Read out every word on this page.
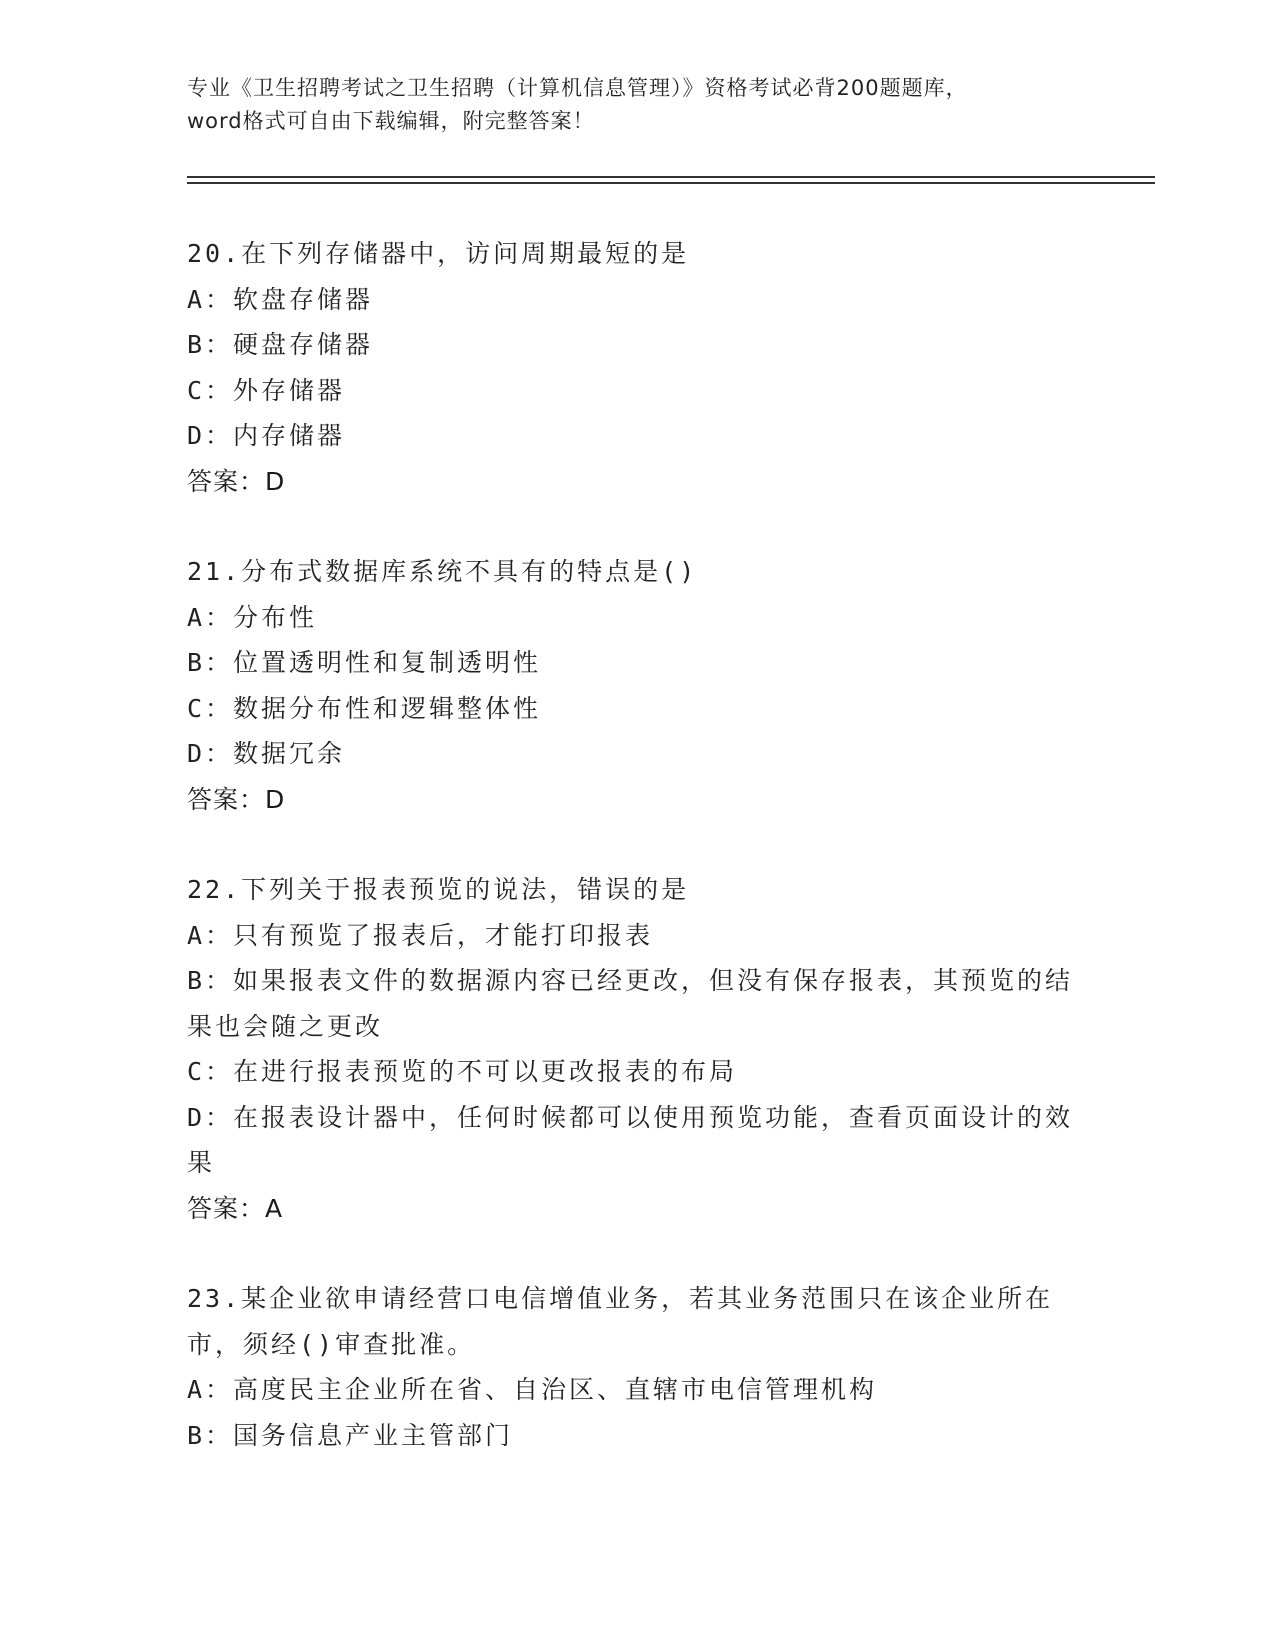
专业《卫生招聘考试之卫生招聘（计算机信息管理）》资格考试必背200题题库，
word格式可自由下载编辑，附完整答案！
20.在下列存储器中，访问周期最短的是
A：软盘存储器
B：硬盘存储器
C：外存储器
D：内存储器
答案：D
21.分布式数据库系统不具有的特点是()
A：分布性
B：位置透明性和复制透明性
C：数据分布性和逻辑整体性
D：数据冗余
答案：D
22.下列关于报表预览的说法，错误的是
A：只有预览了报表后，才能打印报表
B：如果报表文件的数据源内容已经更改，但没有保存报表，其预览的结果也会随之更改
C：在进行报表预览的不可以更改报表的布局
D：在报表设计器中，任何时候都可以使用预览功能，查看页面设计的效果
答案：A
23.某企业欲申请经营口电信增值业务，若其业务范围只在该企业所在市，须经()审查批准。
A：高度民主企业所在省、自治区、直辖市电信管理机构
B：国务信息产业主管部门
